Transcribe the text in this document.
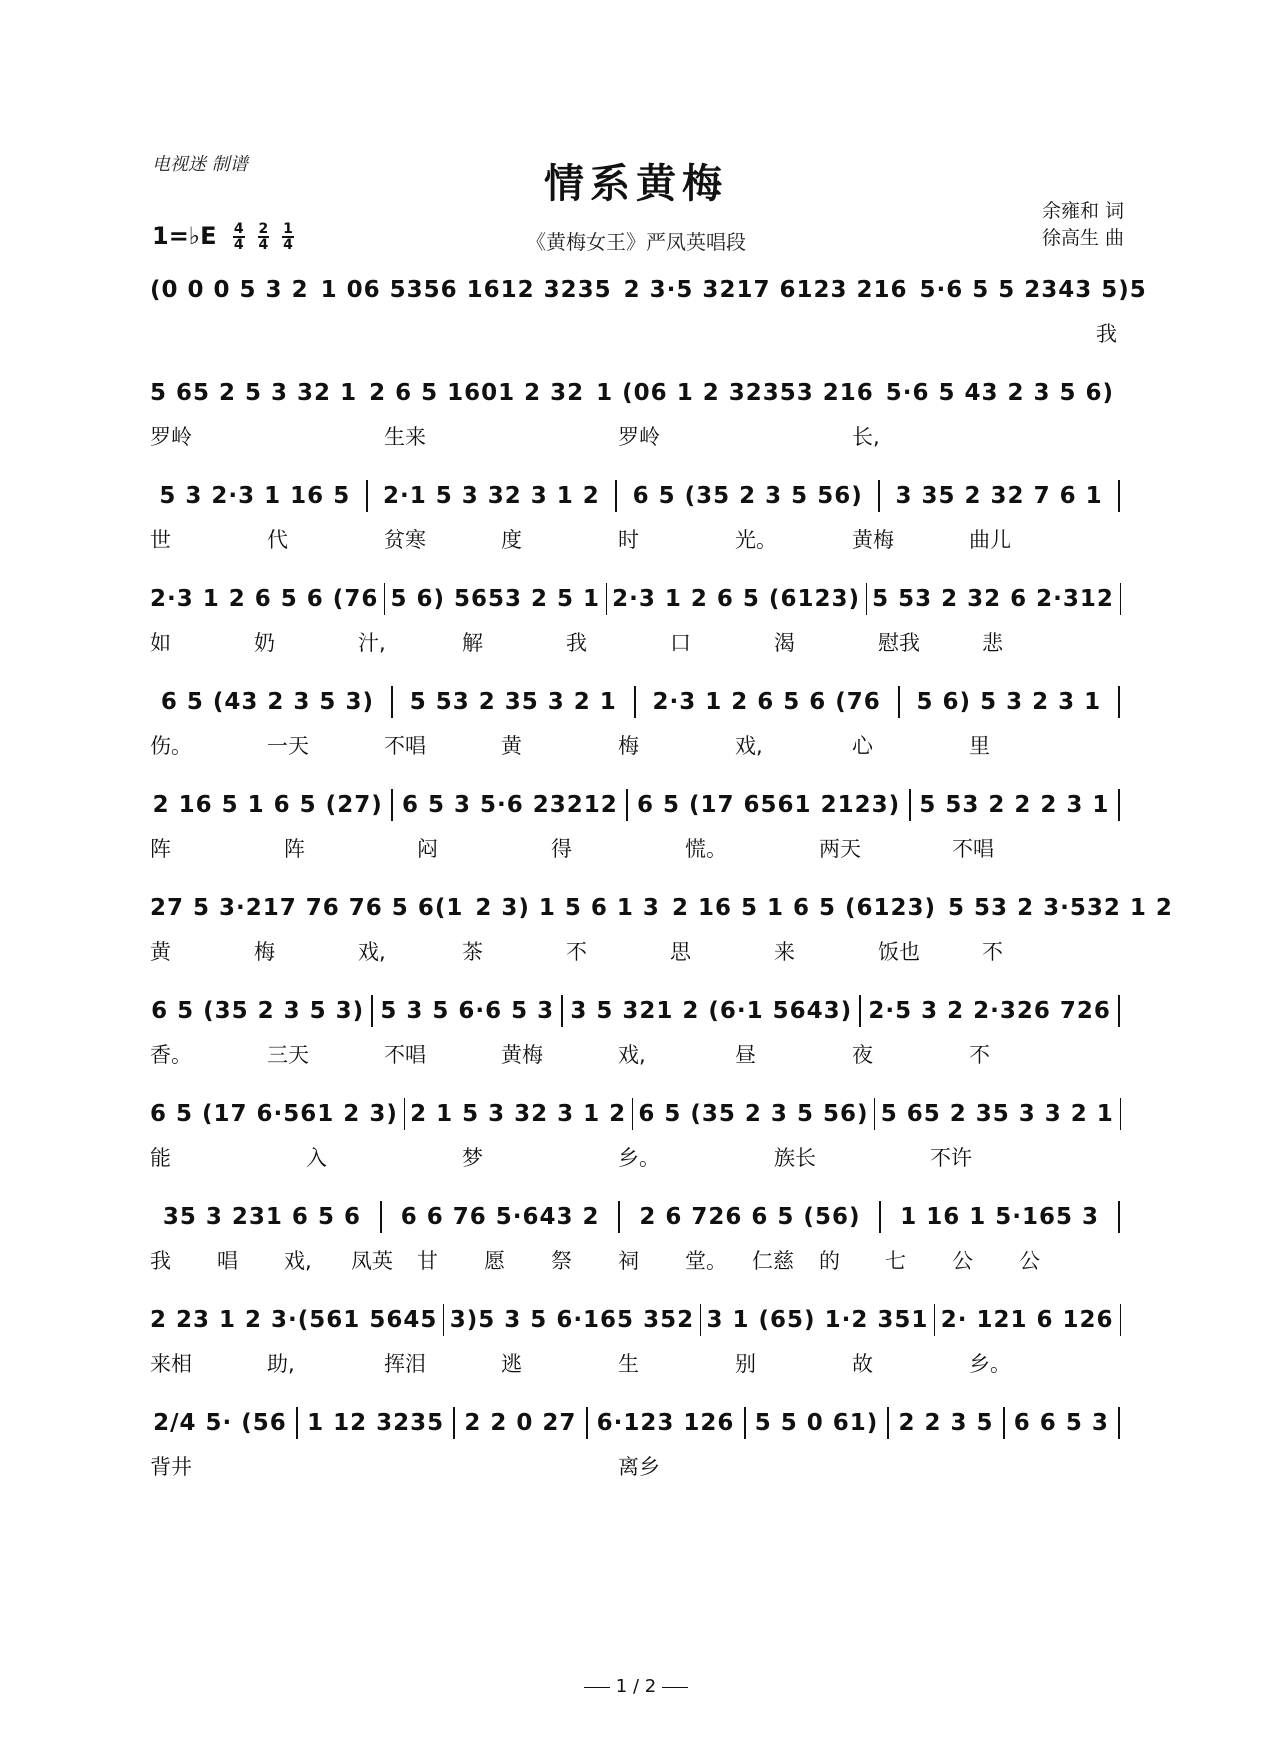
电视迷 制谱	情系黄梅
《黄梅女王》严凤英唱段
余雍和 词
徐高生 曲
1=♭E $\frac{4}{4} \frac{2}{4} \frac{1}{4}$
(0 0 0 5 3 2 1 06 5356 1612 3235 2 3·5 3217 6123 216 5·6 5 5 2343 5)5
我
5 65 2 5 3 32 1 2 6 5 1601 2 32 1 (06 1 2 32353 216 5·6 5 43 2 3 5 6)
罗岭	生来	罗岭	长,
5 3 2·3 1 16 5	2·1 5 3 32 3 1 2	6 5 (35 2 3 5 56)	3 35 2 32 7 6 1
世	代	贫寒	度	时	光。	黄梅	曲儿
2·3 1 2 6 5 6 (76 5 6) 5653 2 5 1 2·3 1 2 6 5 (6123) 5 53 2 32 6 2·312
如	奶	汁,	解	我	口	渴	慰我	悲
6 5 (43 2 3 5 3)	5 53 2 35 3 2 1	2·3 1 2 6 5 6 (76	5 6) 5 3 2 3 1
伤。	一天	不唱	黄	梅	戏,	心	里
2 16 5 1 6 5 (27) 6 5 3 5·6 23212 6 5 (17 6561 2123) 5 53 2 2 2 3 1
阵	阵	闷	得	慌。	两天	不唱
27 5 3·217 76 76 5 6(1 2 3) 1 5 6 1 3 2 16 5 1 6 5 (6123) 5 53 2 3·532 1 2
黄	梅	戏,	茶	不	思	来	饭也	不
6 5 (35 2 3 5 3) 5 3 5 6·6 5 3 3 5 321 2 (6·1 5643) 2·5 3 2 2·326 726
香。	三天	不唱	黄梅	戏,	昼	夜	不
6 5 (17 6·561 2 3) 2 1 5 3 32 3 1 2 6 5 (35 2 3 5 56) 5 65 2 35 3 3 2 1
能	入	梦	乡。	族长	不许
35 3 231 6 5 6	6 6 76 5·643 2	2 6 726 6 5 (56)	1 16 1 5·165 3
我 唱 戏, 凤英 甘 愿 祭 祠 堂。 仁慈 的 七 公 公
2 23 1 2 3·(561 5645 3)5 3 5 6·165 352 3 1 (65) 1·2 351 2· 121 6 126
来相	助,	挥泪	逃	生	别	故	乡。
2/4 5· (56 1 12 3235 2 2 0 27 6·123 126 5 5 0 61) 2 2 3 5 6 6 5 3
背井	离乡
1 / 2
